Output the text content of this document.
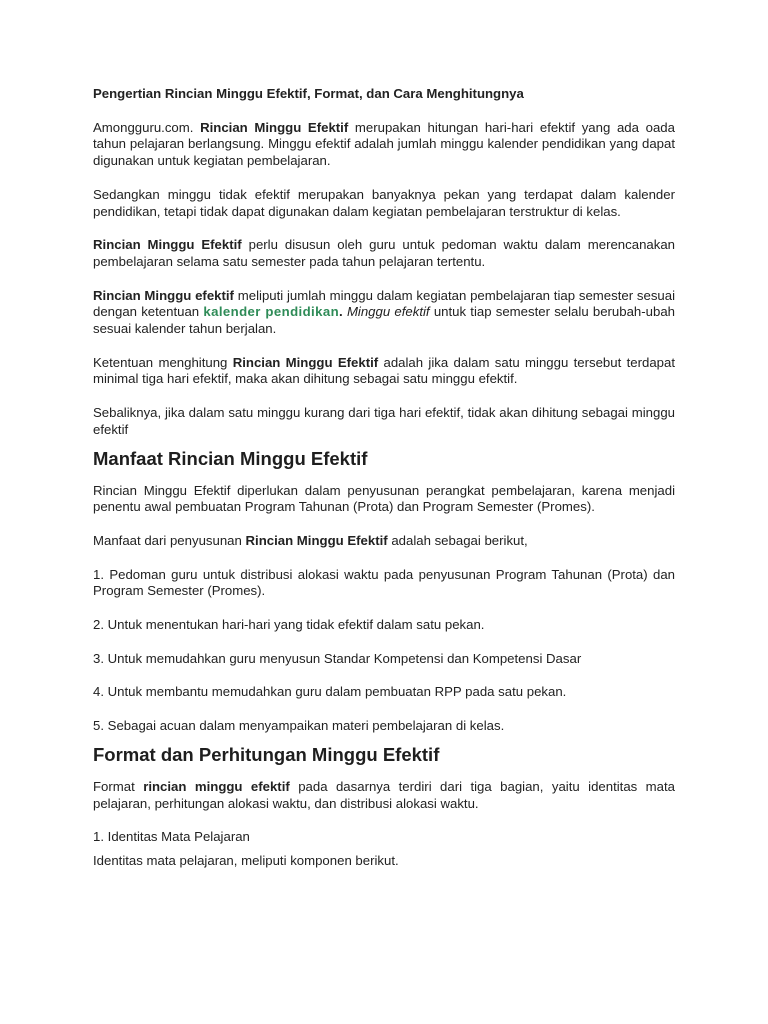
Pengertian Rincian Minggu Efektif, Format, dan Cara Menghitungnya

Amongguru.com. Rincian Minggu Efektif merupakan hitungan hari-hari efektif yang ada oada tahun pelajaran berlangsung. Minggu efektif adalah jumlah minggu kalender pendidikan yang dapat digunakan untuk kegiatan pembelajaran.

Sedangkan minggu tidak efektif merupakan banyaknya pekan yang terdapat dalam kalender pendidikan, tetapi tidak dapat digunakan dalam kegiatan pembelajaran terstruktur di kelas.

Rincian Minggu Efektif perlu disusun oleh guru untuk pedoman waktu dalam merencanakan pembelajaran selama satu semester pada tahun pelajaran tertentu.

Rincian Minggu efektif meliputi jumlah minggu dalam kegiatan pembelajaran tiap semester sesuai dengan ketentuan kalender pendidikan. Minggu efektif untuk tiap semester selalu berubah-ubah sesuai kalender tahun berjalan.

Ketentuan menghitung Rincian Minggu Efektif adalah jika dalam satu minggu tersebut terdapat minimal tiga hari efektif, maka akan dihitung sebagai satu minggu efektif.

Sebaliknya, jika dalam satu minggu kurang dari tiga hari efektif, tidak akan dihitung sebagai minggu efektif

Manfaat Rincian Minggu Efektif

Rincian Minggu Efektif diperlukan dalam penyusunan perangkat pembelajaran, karena menjadi penentu awal pembuatan Program Tahunan (Prota) dan Program Semester (Promes).

Manfaat dari penyusunan Rincian Minggu Efektif adalah sebagai berikut,

1. Pedoman guru untuk distribusi alokasi waktu pada penyusunan Program Tahunan (Prota) dan Program Semester (Promes).

2. Untuk menentukan hari-hari yang tidak efektif dalam satu pekan.

3. Untuk memudahkan guru menyusun Standar Kompetensi dan Kompetensi Dasar

4. Untuk membantu memudahkan guru dalam pembuatan RPP pada satu pekan.

5. Sebagai acuan dalam menyampaikan materi pembelajaran di kelas.

Format dan Perhitungan Minggu Efektif

Format rincian minggu efektif pada dasarnya terdiri dari tiga bagian, yaitu identitas mata pelajaran, perhitungan alokasi waktu, dan distribusi alokasi waktu.

1. Identitas Mata Pelajaran

Identitas mata pelajaran, meliputi komponen berikut.
